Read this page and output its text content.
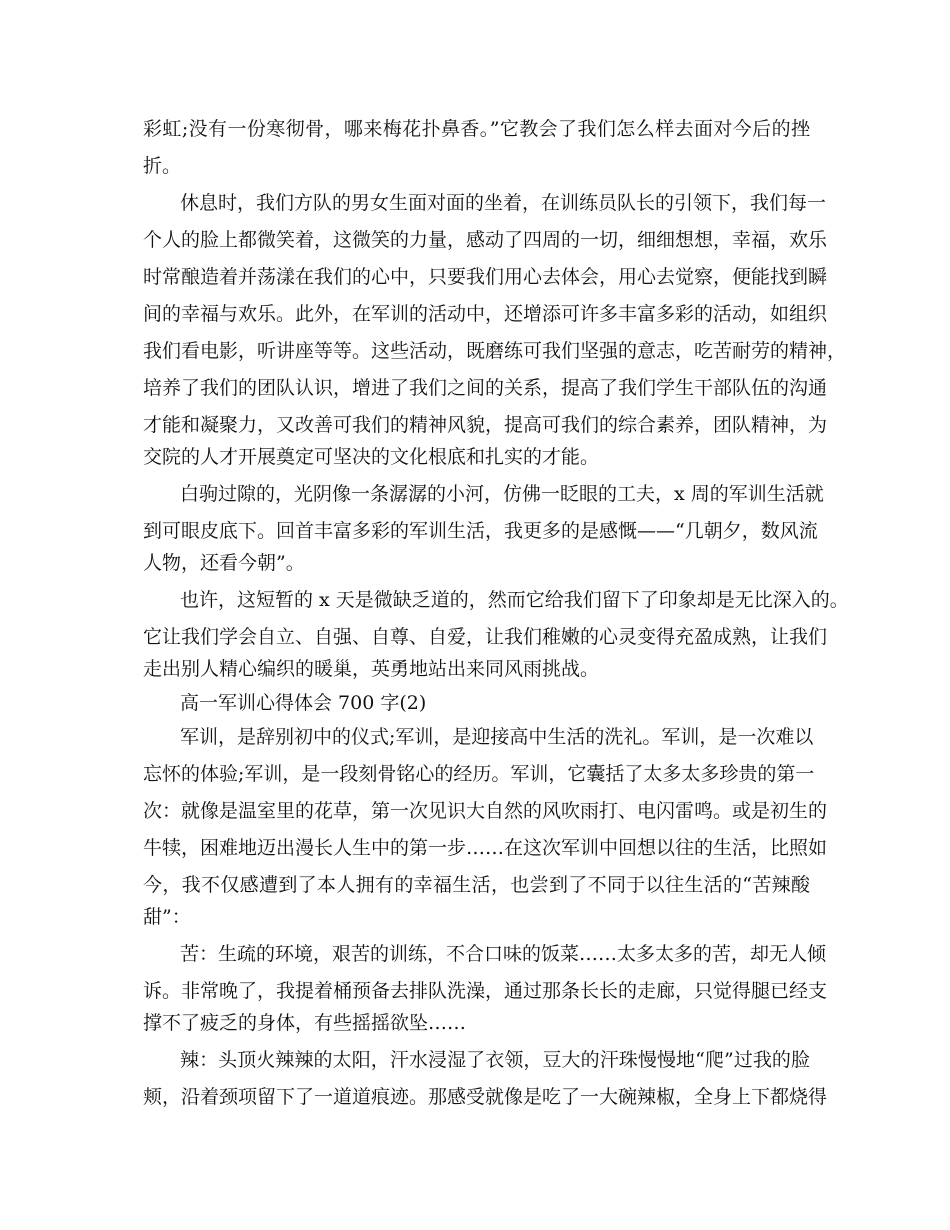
彩虹;没有一份寒彻骨，哪来梅花扑鼻香。”它教会了我们怎么样去面对今后的挫
折。
休息时，我们方队的男女生面对面的坐着，在训练员队长的引领下，我们每一
个人的脸上都微笑着，这微笑的力量，感动了四周的一切，细细想想，幸福，欢乐
时常酿造着并荡漾在我们的心中，只要我们用心去体会，用心去觉察，便能找到瞬
间的幸福与欢乐。此外，在军训的活动中，还增添可许多丰富多彩的活动，如组织
我们看电影，听讲座等等。这些活动，既磨练可我们坚强的意志，吃苦耐劳的精神，
培养了我们的团队认识，增进了我们之间的关系，提高了我们学生干部队伍的沟通
才能和凝聚力，又改善可我们的精神风貌，提高可我们的综合素养，团队精神，为
交院的人才开展奠定可坚决的文化根底和扎实的才能。
白驹过隙的，光阴像一条潺潺的小河，仿佛一眨眼的工夫，x 周的军训生活就
到可眼皮底下。回首丰富多彩的军训生活，我更多的是感慨——“几朝夕，数风流
人物，还看今朝”。
也许，这短暂的 x 天是微缺乏道的，然而它给我们留下了印象却是无比深入的。
它让我们学会自立、自强、自尊、自爱，让我们稚嫩的心灵变得充盈成熟，让我们
走出别人精心编织的暖巢，英勇地站出来同风雨挑战。
高一军训心得体会 700 字(2)
军训，是辞别初中的仪式;军训，是迎接高中生活的洗礼。军训，是一次难以
忘怀的体验;军训，是一段刻骨铭心的经历。军训，它囊括了太多太多珍贵的第一
次：就像是温室里的花草，第一次见识大自然的风吹雨打、电闪雷鸣。或是初生的
牛犊，困难地迈出漫长人生中的第一步……在这次军训中回想以往的生活，比照如
今，我不仅感遭到了本人拥有的幸福生活，也尝到了不同于以往生活的“苦辣酸
甜”：
苦：生疏的环境，艰苦的训练，不合口味的饭菜……太多太多的苦，却无人倾
诉。非常晚了，我提着桶预备去排队洗澡，通过那条长长的走廊，只觉得腿已经支
撑不了疲乏的身体，有些摇摇欲坠……
辣：头顶火辣辣的太阳，汗水浸湿了衣领，豆大的汗珠慢慢地“爬”过我的脸
颊，沿着颈项留下了一道道痕迹。那感受就像是吃了一大碗辣椒，全身上下都烧得
